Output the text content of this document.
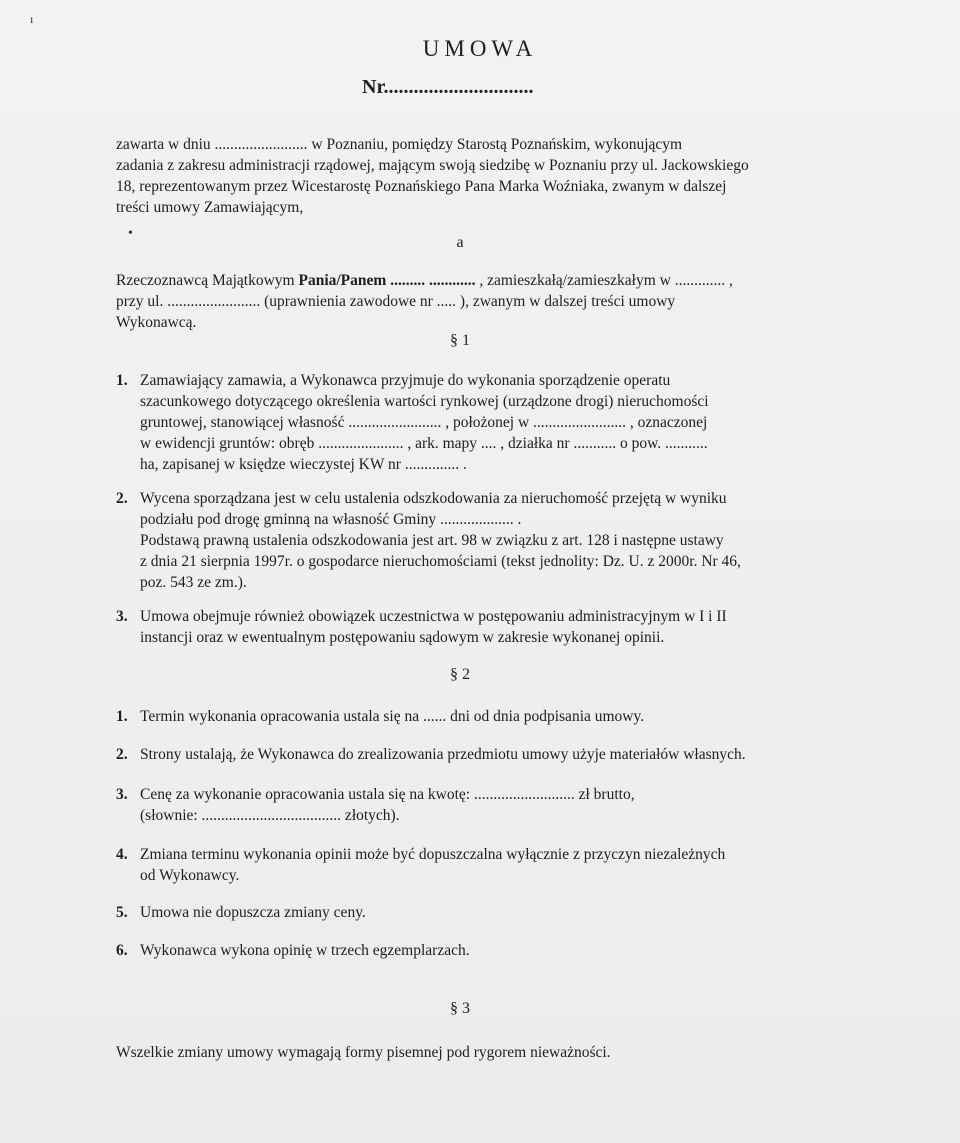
ı
•
UMOWA
Nr..............................
zawarta w dniu ........................ w Poznaniu, pomiędzy Starostą Poznańskim, wykonującym
zadania z zakresu administracji rządowej, mającym swoją siedzibę w Poznaniu przy ul. Jackowskiego
18, reprezentowanym przez Wicestarostę Poznańskiego Pana Marka Woźniaka, zwanym w dalszej
treści umowy Zamawiającym,
a
Rzeczoznawcą Majątkowym Pania/Panem ......... ............ , zamieszkałą/zamieszkałym w ............. ,
przy ul. ........................ (uprawnienia zawodowe nr ..... ), zwanym w dalszej treści umowy
Wykonawcą.
§ 1
1. Zamawiający zamawia, a Wykonawca przyjmuje do wykonania sporządzenie operatu
szacunkowego dotyczącego określenia wartości rynkowej (urządzone drogi) nieruchomości
gruntowej, stanowiącej własność ........................ , położonej w ........................ , oznaczonej
w ewidencji gruntów: obręb ...................... , ark. mapy .... , działka nr ........... o pow. ...........
ha, zapisanej w księdze wieczystej KW nr .............. .
2. Wycena sporządzana jest w celu ustalenia odszkodowania za nieruchomość przejętą w wyniku
podziału pod drogę gminną na własność Gminy ................... .
Podstawą prawną ustalenia odszkodowania jest art. 98 w związku z art. 128 i następne ustawy
z dnia 21 sierpnia 1997r. o gospodarce nieruchomościami (tekst jednolity: Dz. U. z 2000r. Nr 46,
poz. 543 ze zm.).
3. Umowa obejmuje również obowiązek uczestnictwa w postępowaniu administracyjnym w I i II
instancji oraz w ewentualnym postępowaniu sądowym w zakresie wykonanej opinii.
§ 2
1. Termin wykonania opracowania ustala się na ...... dni od dnia podpisania umowy.
2. Strony ustalają, że Wykonawca do zrealizowania przedmiotu umowy użyje materiałów własnych.
3. Cenę za wykonanie opracowania ustala się na kwotę: .......................... zł brutto,
(słownie: .................................... złotych).
4. Zmiana terminu wykonania opinii może być dopuszczalna wyłącznie z przyczyn niezależnych
od Wykonawcy.
5. Umowa nie dopuszcza zmiany ceny.
6. Wykonawca wykona opinię w trzech egzemplarzach.
§ 3
Wszelkie zmiany umowy wymagają formy pisemnej pod rygorem nieważności.
